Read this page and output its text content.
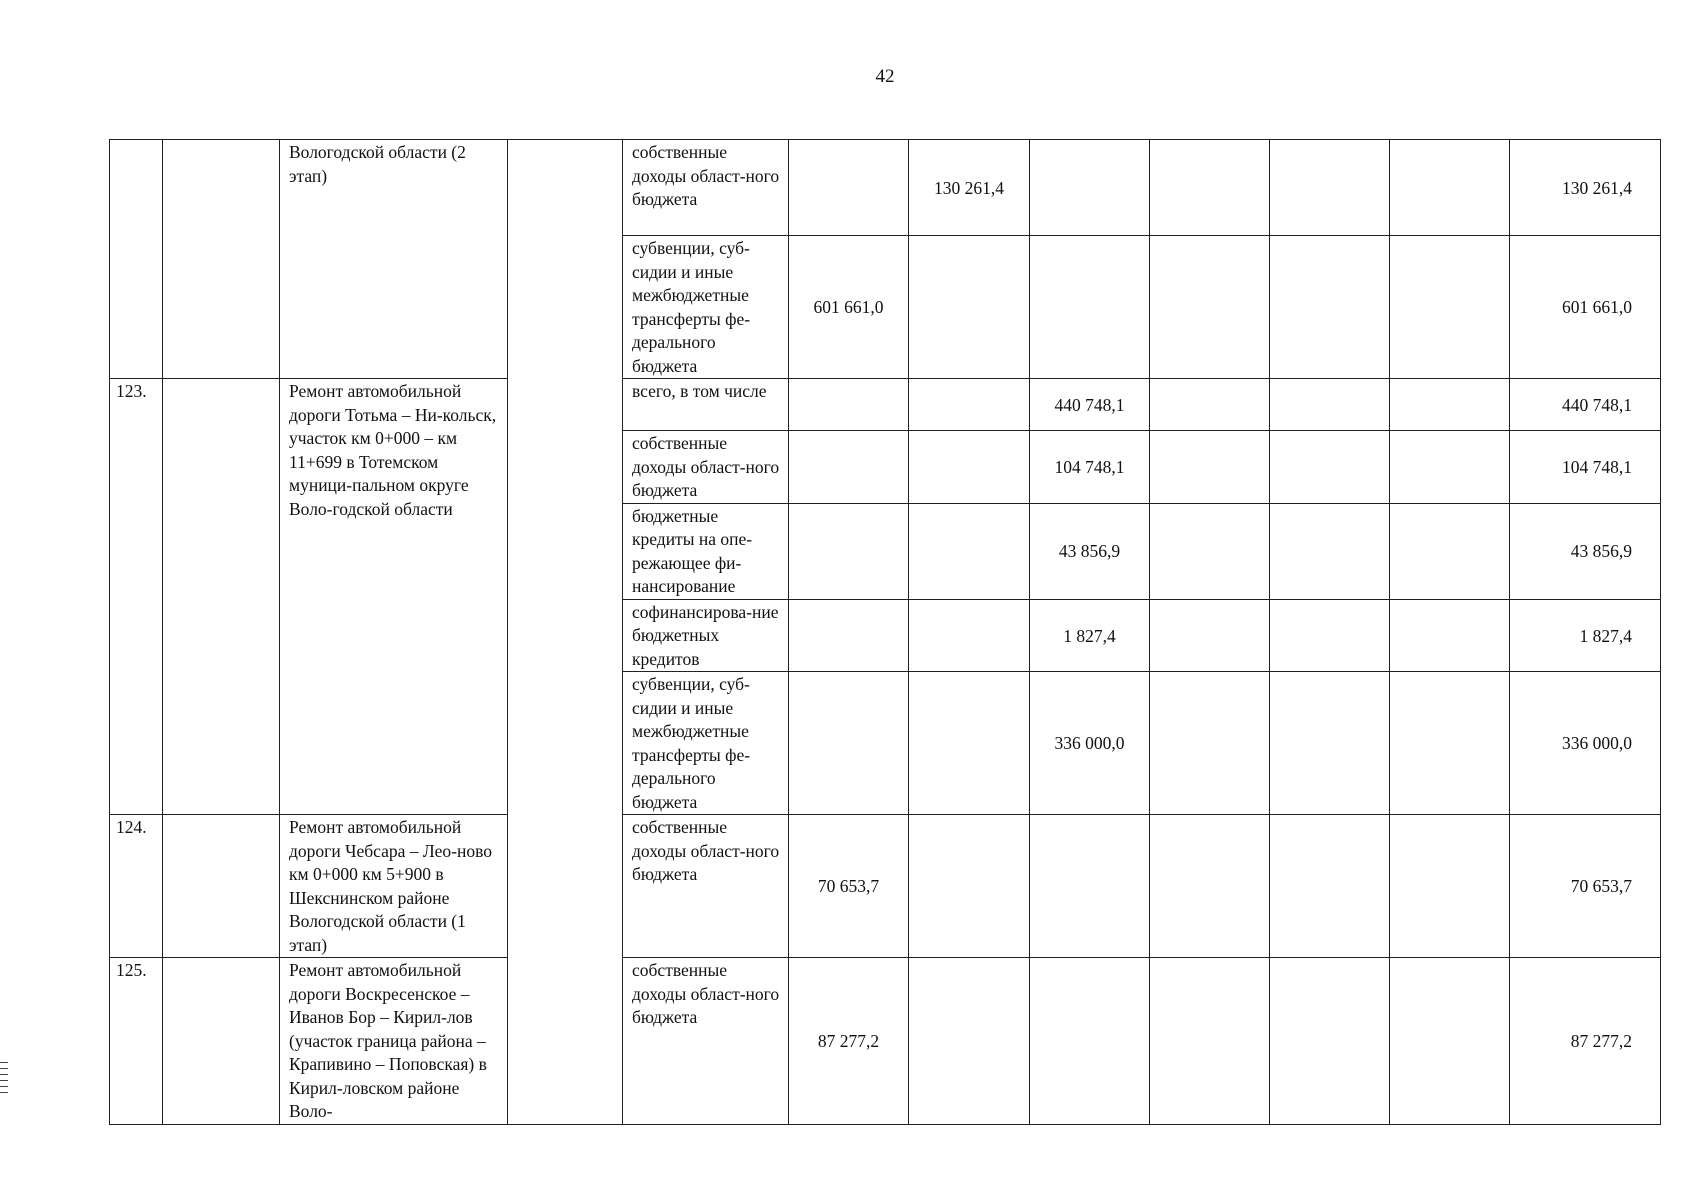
42
		Вологодской области (2 этап)		собственные доходы област-ного бюджета		130 261,4					130 261,4
				субвенции, суб-сидии и иные межбюджетные трансферты фе-дерального бюджета	601 661,0						601 661,0
123.		Ремонт автомобильной дороги Тотьма – Ни-кольск, участок км 0+000 – км 11+699 в Тотемском муници-пальном округе Воло-годской области		всего, в том числе			440 748,1				440 748,1
				собственные доходы област-ного бюджета			104 748,1				104 748,1
				бюджетные кредиты на опе-режающее фи-нансирование			43 856,9				43 856,9
				софинансирова-ние бюджетных кредитов			1 827,4				1 827,4
				субвенции, суб-сидии и иные межбюджетные трансферты фе-дерального бюджета			336 000,0				336 000,0
124.		Ремонт автомобильной дороги Чебсара – Лео-ново км 0+000 км 5+900 в Шекснинском районе Вологодской области (1 этап)		собственные доходы област-ного бюджета	70 653,7						70 653,7
125.		Ремонт автомобильной дороги Воскресенское – Иванов Бор – Кирил-лов (участок граница района – Крапивино – Поповская) в Кирил-ловском районе Воло-		собственные доходы област-ного бюджета	87 277,2						87 277,2
